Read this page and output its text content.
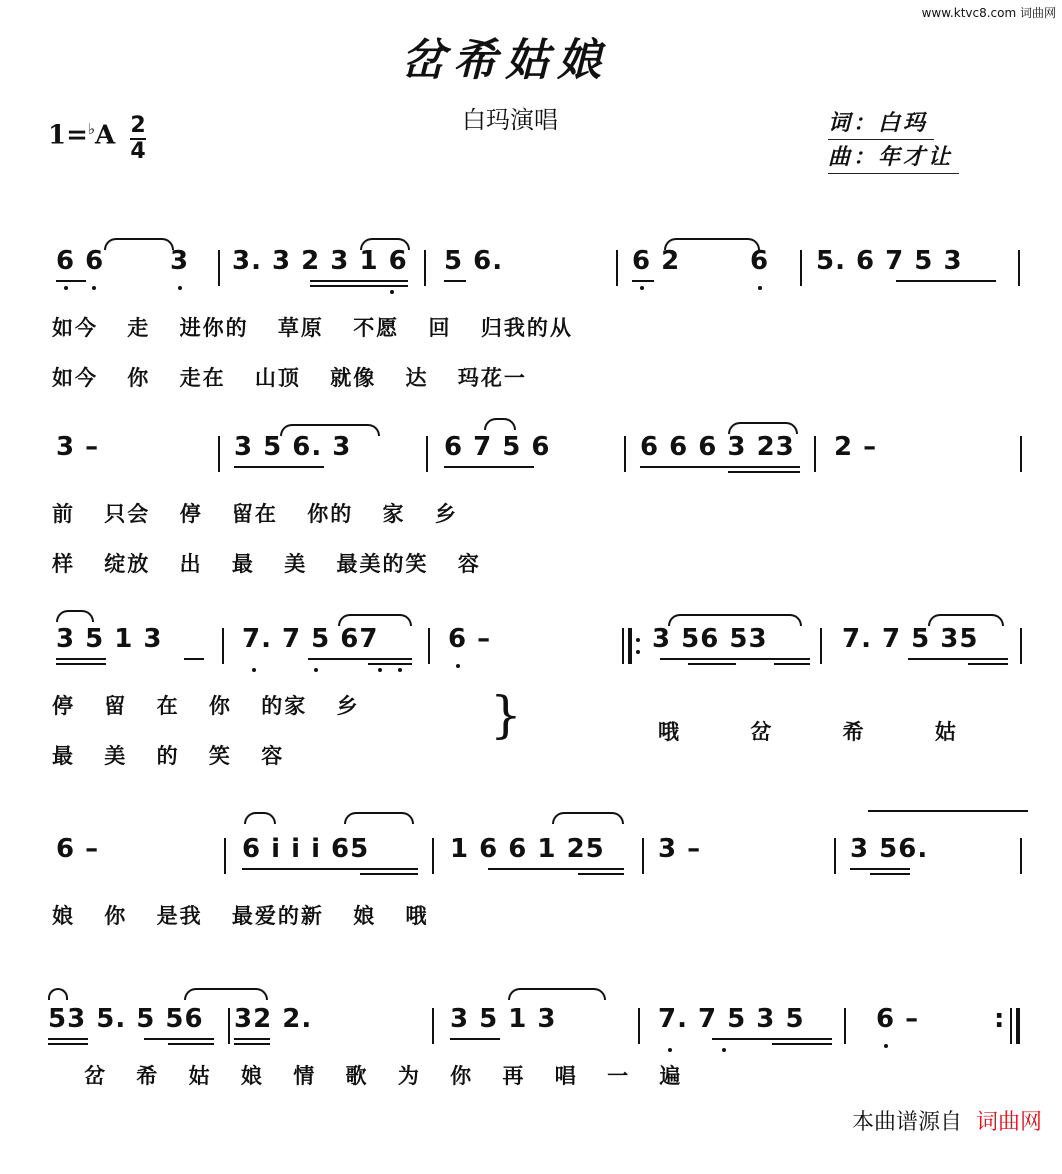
www.ktvc8.com 词曲网
岔希姑娘
白玛演唱
1=♭A 2
4
词：白玛
曲：年才让
6 6	3 3. 3 2 3 1 6 5 6.	6 2	6 5. 6 7 5 3
如今 走 进你的 草原 不愿 回 归我的从
如今 你 走在 山顶 就像 达 玛花一
3 –	3 5 6. 3	6 7 5 6	6 6 6 3 23 2 –
前 只会 停 留在 你的 家 乡
样 绽放 出 最 美 最美的笑 容
3 5 1 3	7. 7 5 67	6 –	3 56 53	7. 7 5 35
停 留 在 你 的家 乡
最 美 的 笑 容
哦 岔 希 姑
}
6 –	6 i i i 65	1 6 6 1 25 3 –	3 56.
娘 你 是我 最爱的新 娘 哦
53 5. 5 56 32 2.	3 5 1 3	7. 7 5 3 5	6 –	:
岔 希 姑 娘 情 歌 为 你 再 唱 一 遍
本曲谱源自 词曲网
